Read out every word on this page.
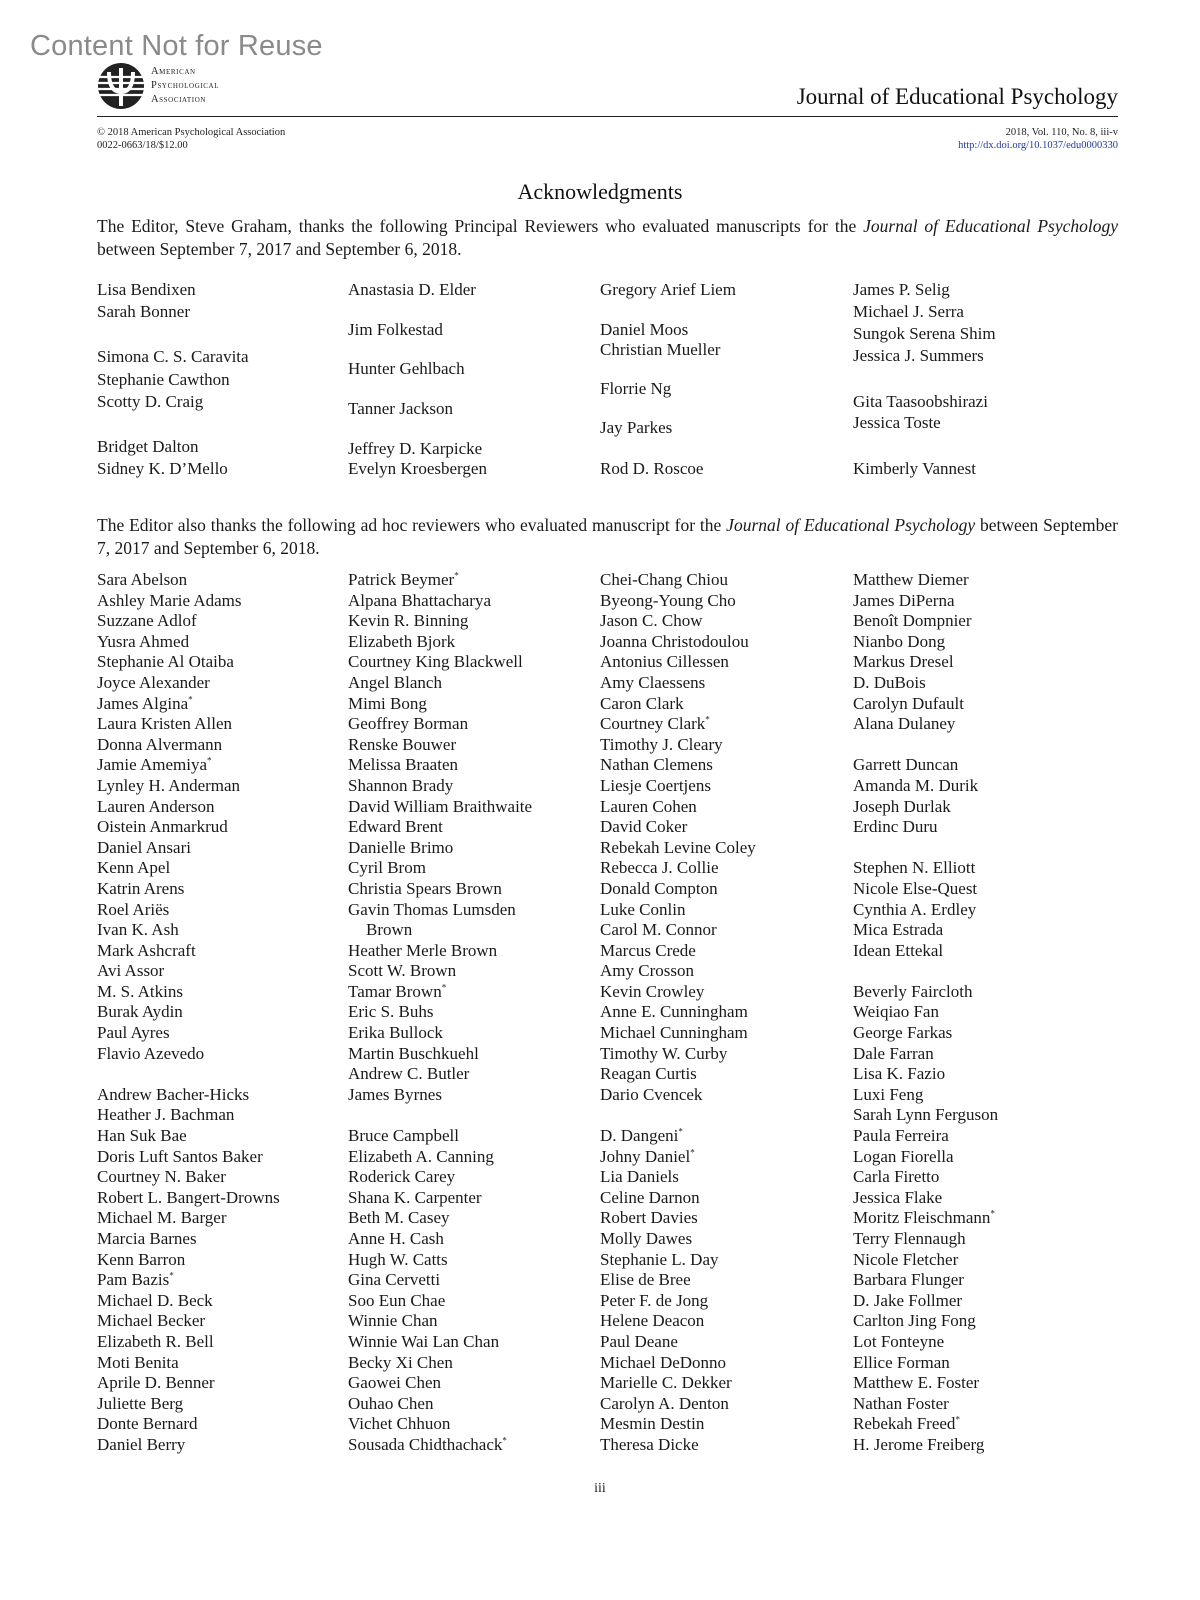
Content Not for Reuse
American
Psychological
Association	Journal of Educational Psychology
© 2018 American Psychological Association
0022-0663/18/$12.00
2018, Vol. 110, No. 8, iii-v
http://dx.doi.org/10.1037/edu0000330
Acknowledgments
The Editor, Steve Graham, thanks the following Principal Reviewers who evaluated manuscripts for the Journal of Educational Psychology between September 7, 2017 and September 6, 2018.
Lisa Bendixen
Sarah Bonner
Simona C. S. Caravita
Stephanie Cawthon
Scotty D. Craig
Bridget Dalton
Sidney K. D’Mello
Anastasia D. Elder
Jim Folkestad
Hunter Gehlbach
Tanner Jackson
Jeffrey D. Karpicke
Evelyn Kroesbergen
Gregory Arief Liem
Daniel Moos
Christian Mueller
Florrie Ng
Jay Parkes
Rod D. Roscoe
James P. Selig
Michael J. Serra
Sungok Serena Shim
Jessica J. Summers
Gita Taasoobshirazi
Jessica Toste
Kimberly Vannest
The Editor also thanks the following ad hoc reviewers who evaluated manuscript for the Journal of Educational Psychology between September 7, 2017 and September 6, 2018.
Sara Abelson
Ashley Marie Adams
Suzzane Adlof
Yusra Ahmed
Stephanie Al Otaiba
Joyce Alexander
James Algina*
Laura Kristen Allen
Donna Alvermann
Jamie Amemiya*
Lynley H. Anderman
Lauren Anderson
Oistein Anmarkrud
Daniel Ansari
Kenn Apel
Katrin Arens
Roel Ariës
Ivan K. Ash
Mark Ashcraft
Avi Assor
M. S. Atkins
Burak Aydin
Paul Ayres
Flavio Azevedo

Andrew Bacher-Hicks
Heather J. Bachman
Han Suk Bae
Doris Luft Santos Baker
Courtney N. Baker
Robert L. Bangert-Drowns
Michael M. Barger
Marcia Barnes
Kenn Barron
Pam Bazis*
Michael D. Beck
Michael Becker
Elizabeth R. Bell
Moti Benita
Aprile D. Benner
Juliette Berg
Donte Bernard
Daniel Berry
Patrick Beymer*
Alpana Bhattacharya
Kevin R. Binning
Elizabeth Bjork
Courtney King Blackwell
Angel Blanch
Mimi Bong
Geoffrey Borman
Renske Bouwer
Melissa Braaten
Shannon Brady
David William Braithwaite
Edward Brent
Danielle Brimo
Cyril Brom
Christia Spears Brown
Gavin Thomas Lumsden
Brown
Heather Merle Brown
Scott W. Brown
Tamar Brown*
Eric S. Buhs
Erika Bullock
Martin Buschkuehl
Andrew C. Butler
James Byrnes

Bruce Campbell
Elizabeth A. Canning
Roderick Carey
Shana K. Carpenter
Beth M. Casey
Anne H. Cash
Hugh W. Catts
Gina Cervetti
Soo Eun Chae
Winnie Chan
Winnie Wai Lan Chan
Becky Xi Chen
Gaowei Chen
Ouhao Chen
Vichet Chhuon
Sousada Chidthachack*
Chei-Chang Chiou
Byeong-Young Cho
Jason C. Chow
Joanna Christodoulou
Antonius Cillessen
Amy Claessens
Caron Clark
Courtney Clark*
Timothy J. Cleary
Nathan Clemens
Liesje Coertjens
Lauren Cohen
David Coker
Rebekah Levine Coley
Rebecca J. Collie
Donald Compton
Luke Conlin
Carol M. Connor
Marcus Crede
Amy Crosson
Kevin Crowley
Anne E. Cunningham
Michael Cunningham
Timothy W. Curby
Reagan Curtis
Dario Cvencek

D. Dangeni*
Johny Daniel*
Lia Daniels
Celine Darnon
Robert Davies
Molly Dawes
Stephanie L. Day
Elise de Bree
Peter F. de Jong
Helene Deacon
Paul Deane
Michael DeDonno
Marielle C. Dekker
Carolyn A. Denton
Mesmin Destin
Theresa Dicke
Matthew Diemer
James DiPerna
Benoît Dompnier
Nianbo Dong
Markus Dresel
D. DuBois
Carolyn Dufault
Alana Dulaney

Garrett Duncan
Amanda M. Durik
Joseph Durlak
Erdinc Duru

Stephen N. Elliott
Nicole Else-Quest
Cynthia A. Erdley
Mica Estrada
Idean Ettekal

Beverly Faircloth
Weiqiao Fan
George Farkas
Dale Farran
Lisa K. Fazio
Luxi Feng
Sarah Lynn Ferguson
Paula Ferreira
Logan Fiorella
Carla Firetto
Jessica Flake
Moritz Fleischmann*
Terry Flennaugh
Nicole Fletcher
Barbara Flunger
D. Jake Follmer
Carlton Jing Fong
Lot Fonteyne
Ellice Forman
Matthew E. Foster
Nathan Foster
Rebekah Freed*
H. Jerome Freiberg
iii
